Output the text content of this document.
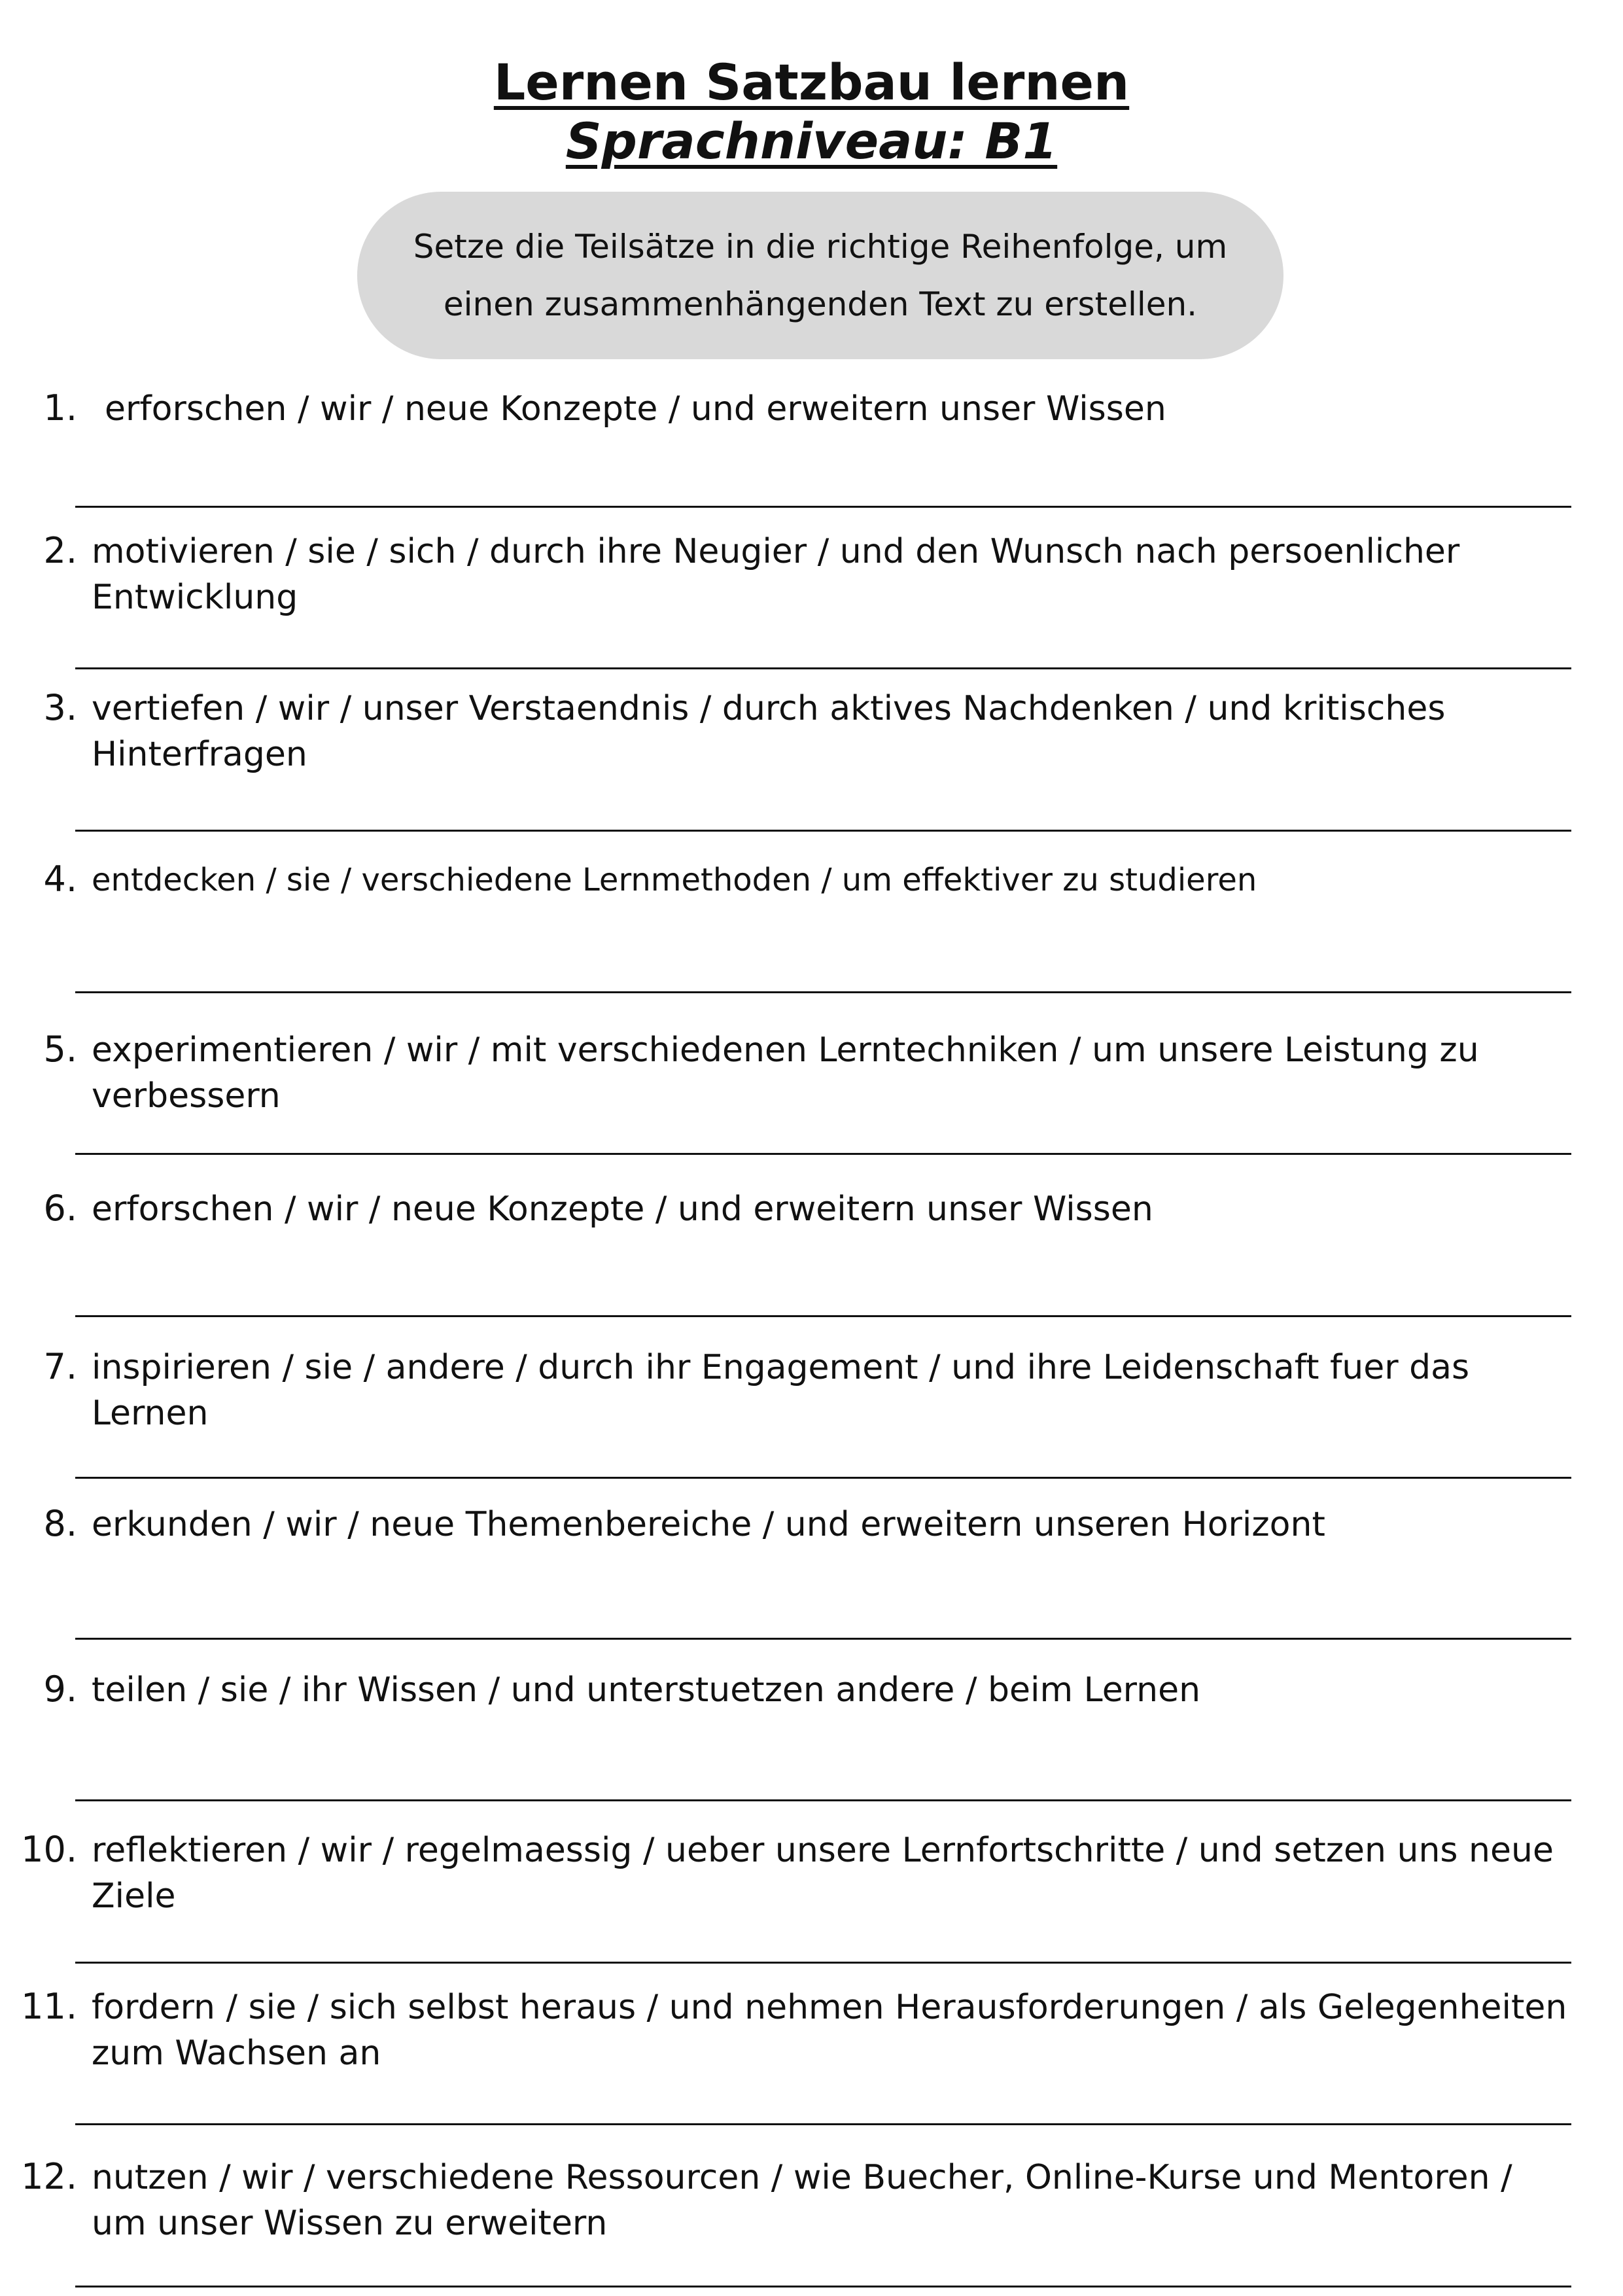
Lernen Satzbau lernen
Sprachniveau: B1
Setze die Teilsätze in die richtige Reihenfolge, um einen zusammenhängenden Text zu erstellen.
1. erforschen / wir / neue Konzepte / und erweitern unser Wissen
2. motivieren / sie / sich / durch ihre Neugier / und den Wunsch nach persoenlicher Entwicklung
3. vertiefen / wir / unser Verstaendnis / durch aktives Nachdenken / und kritisches Hinterfragen
4. entdecken / sie / verschiedene Lernmethoden / um effektiver zu studieren
5. experimentieren / wir / mit verschiedenen Lerntechniken / um unsere Leistung zu verbessern
6. erforschen / wir / neue Konzepte / und erweitern unser Wissen
7. inspirieren / sie / andere / durch ihr Engagement / und ihre Leidenschaft fuer das Lernen
8. erkunden / wir / neue Themenbereiche / und erweitern unseren Horizont
9. teilen / sie / ihr Wissen / und unterstuetzen andere / beim Lernen
10. reflektieren / wir / regelmaessig / ueber unsere Lernfortschritte / und setzen uns neue Ziele
11. fordern / sie / sich selbst heraus / und nehmen Herausforderungen / als Gelegenheiten zum Wachsen an
12. nutzen / wir / verschiedene Ressourcen / wie Buecher, Online-Kurse und Mentoren / um unser Wissen zu erweitern
